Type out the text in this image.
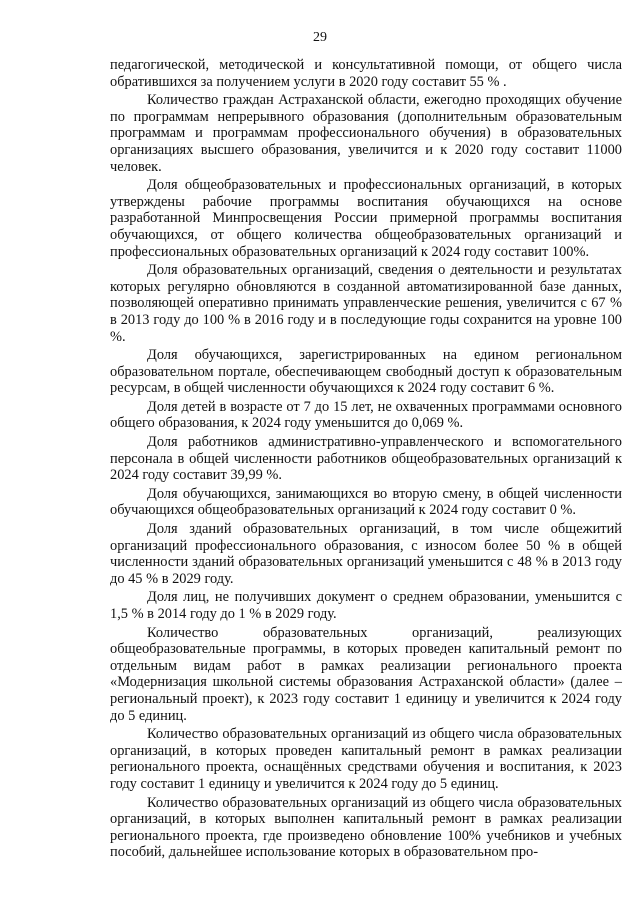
29

педагогической, методической и консультативной помощи, от общего числа обратившихся за получением услуги в 2020 году составит 55 % .

Количество граждан Астраханской области, ежегодно проходящих обучение по программам непрерывного образования (дополнительным образовательным программам и программам профессионального обучения) в образовательных организациях высшего образования, увеличится и к 2020 году составит 11000 человек.

Доля общеобразовательных и профессиональных организаций, в которых утверждены рабочие программы воспитания обучающихся на основе разработанной Минпросвещения России примерной программы воспитания обучающихся, от общего количества общеобразовательных организаций и профессиональных образовательных организаций к 2024 году составит 100%.

Доля образовательных организаций, сведения о деятельности и результатах которых регулярно обновляются в созданной автоматизированной базе данных, позволяющей оперативно принимать управленческие решения, увеличится с 67 % в 2013 году до 100 % в 2016 году и в последующие годы сохранится на уровне 100 %.

Доля обучающихся, зарегистрированных на едином региональном образовательном портале, обеспечивающем свободный доступ к образовательным ресурсам, в общей численности обучающихся к 2024 году составит 6 %.

Доля детей в возрасте от 7 до 15 лет, не охваченных программами основного общего образования, к 2024 году уменьшится до 0,069 %.

Доля работников административно-управленческого и вспомогательного персонала в общей численности работников общеобразовательных организаций к 2024 году составит 39,99 %.

Доля обучающихся, занимающихся во вторую смену, в общей численности обучающихся общеобразовательных организаций к 2024 году составит 0 %.

Доля зданий образовательных организаций, в том числе общежитий организаций профессионального образования, с износом более 50 % в общей численности зданий образовательных организаций уменьшится с 48 % в 2013 году до 45 % в 2029 году.

Доля лиц, не получивших документ о среднем образовании, уменьшится с 1,5 % в 2014 году до 1 % в 2029 году.

Количество образовательных организаций, реализующих общеобразовательные программы, в которых проведен капитальный ремонт по отдельным видам работ в рамках реализации регионального проекта «Модернизация школьной системы образования Астраханской области» (далее – региональный проект), к 2023 году составит 1 единицу и увеличится к 2024 году до 5 единиц.

Количество образовательных организаций из общего числа образовательных организаций, в которых проведен капитальный ремонт в рамках реализации регионального проекта, оснащённых средствами обучения и воспитания, к 2023 году составит 1 единицу и увеличится к 2024 году до 5 единиц.

Количество образовательных организаций из общего числа образовательных организаций, в которых выполнен капитальный ремонт в рамках реализации регионального проекта, где произведено обновление 100% учебников и учебных пособий, дальнейшее использование которых в образовательном про-
